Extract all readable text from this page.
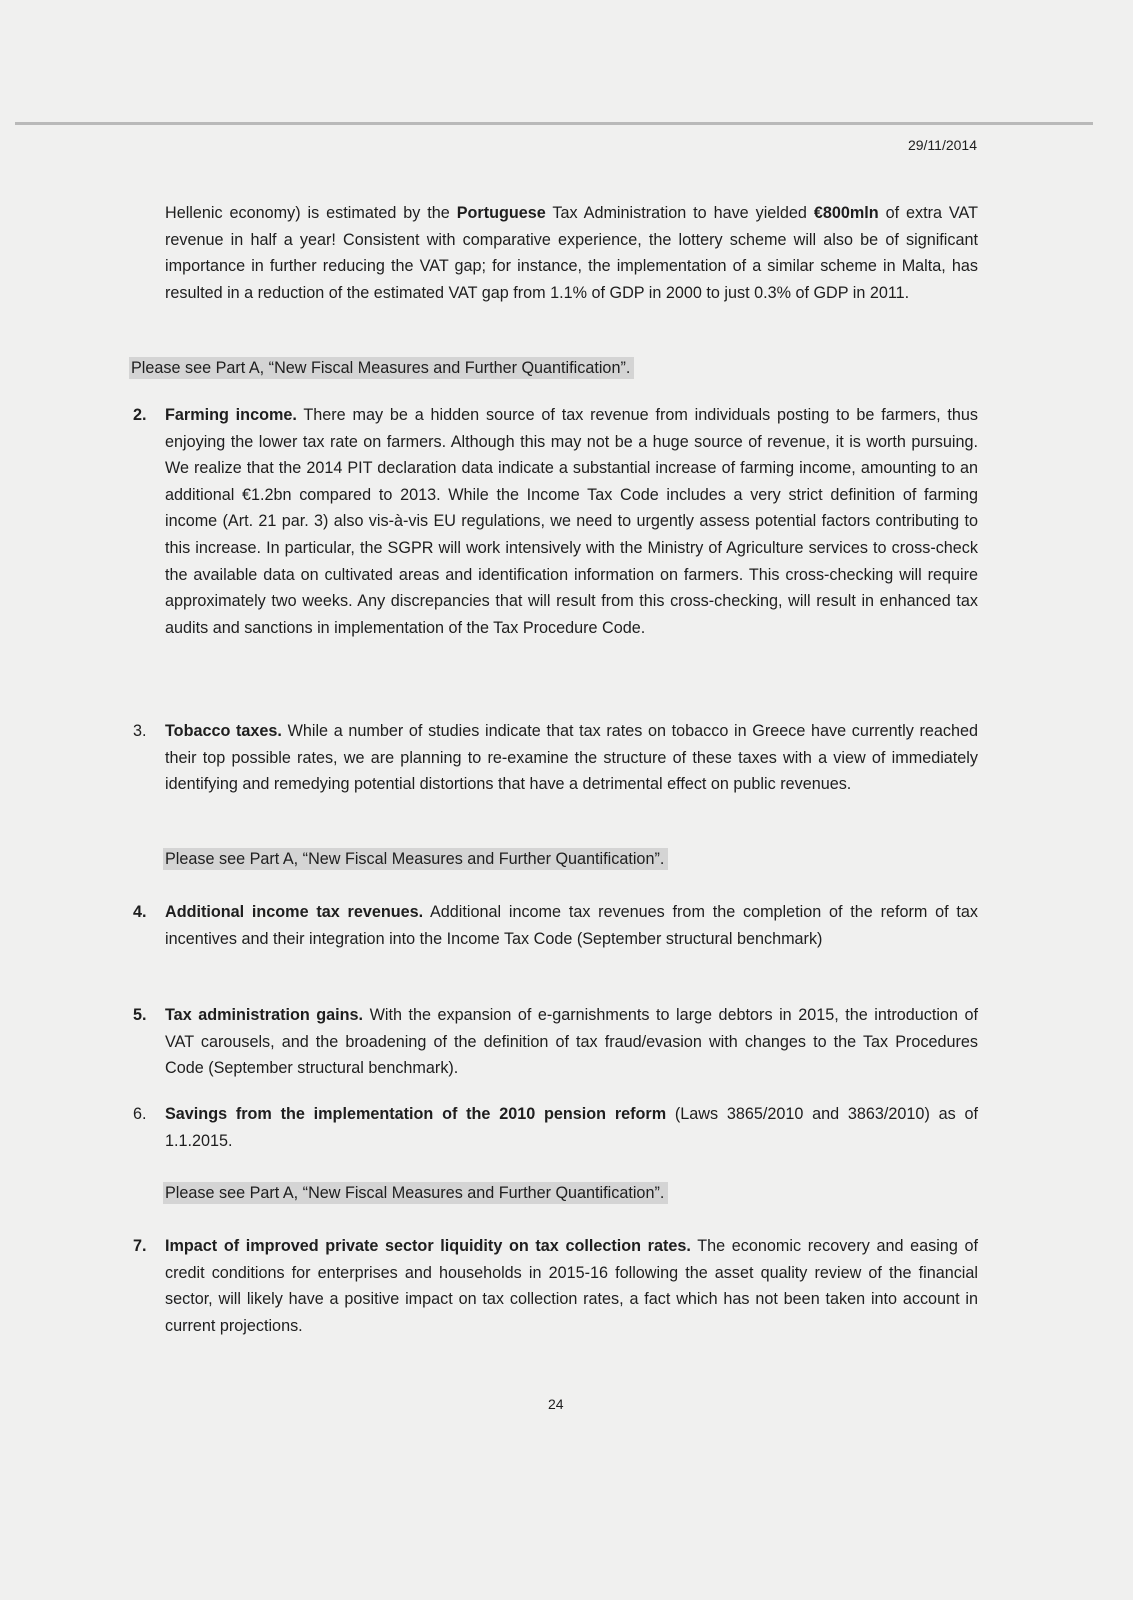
29/11/2014
Hellenic economy) is estimated by the Portuguese Tax Administration to have yielded €800mln of extra VAT revenue in half a year! Consistent with comparative experience, the lottery scheme will also be of significant importance in further reducing the VAT gap; for instance, the implementation of a similar scheme in Malta, has resulted in a reduction of the estimated VAT gap from 1.1% of GDP in 2000 to just 0.3% of GDP in 2011.
Please see Part A, “New Fiscal Measures and Further Quantification”.
2.	Farming income. There may be a hidden source of tax revenue from individuals posting to be farmers, thus enjoying the lower tax rate on farmers. Although this may not be a huge source of revenue, it is worth pursuing. We realize that the 2014 PIT declaration data indicate a substantial increase of farming income, amounting to an additional €1.2bn compared to 2013. While the Income Tax Code includes a very strict definition of farming income (Art. 21 par. 3) also vis-à-vis EU regulations, we need to urgently assess potential factors contributing to this increase. In particular, the SGPR will work intensively with the Ministry of Agriculture services to cross-check the available data on cultivated areas and identification information on farmers. This cross-checking will require approximately two weeks. Any discrepancies that will result from this cross-checking, will result in enhanced tax audits and sanctions in implementation of the Tax Procedure Code.
3.	Tobacco taxes. While a number of studies indicate that tax rates on tobacco in Greece have currently reached their top possible rates, we are planning to re-examine the structure of these taxes with a view of immediately identifying and remedying potential distortions that have a detrimental effect on public revenues.
Please see Part A, “New Fiscal Measures and Further Quantification”.
4.	Additional income tax revenues. Additional income tax revenues from the completion of the reform of tax incentives and their integration into the Income Tax Code (September structural benchmark)
5.	Tax administration gains. With the expansion of e-garnishments to large debtors in 2015, the introduction of VAT carousels, and the broadening of the definition of tax fraud/evasion with changes to the Tax Procedures Code (September structural benchmark).
6.	Savings from the implementation of the 2010 pension reform (Laws 3865/2010 and 3863/2010) as of 1.1.2015.
Please see Part A, “New Fiscal Measures and Further Quantification”.
7.	Impact of improved private sector liquidity on tax collection rates. The economic recovery and easing of credit conditions for enterprises and households in 2015-16 following the asset quality review of the financial sector, will likely have a positive impact on tax collection rates, a fact which has not been taken into account in current projections.
24
